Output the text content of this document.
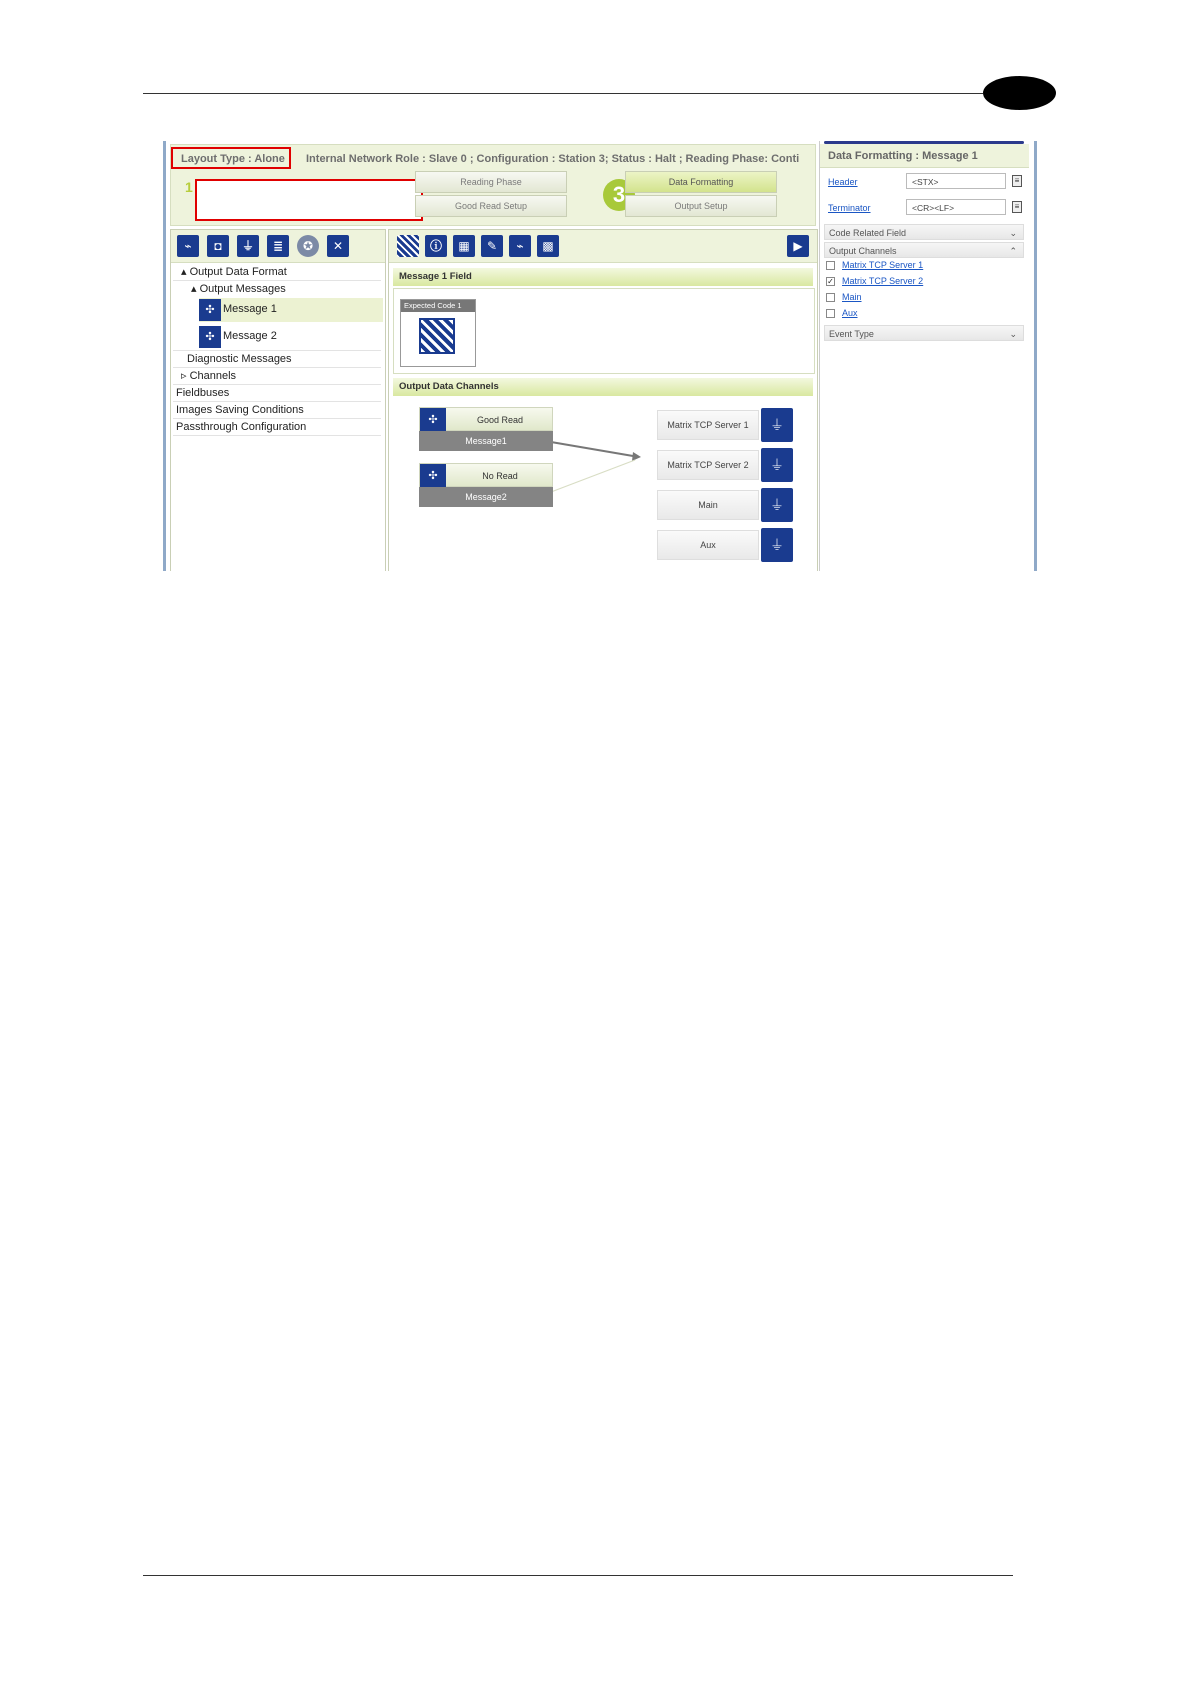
Layout Type : Alone Internal Network Role : Slave 0 ; Configuration : Station 3; Status : Halt ; Reading Phase: Conti
1	Reading Phase
Good Read Setup	3	Data Formatting
Output Setup
Data Formatting : Message 1
Header	<STX>	≡
Terminator	<CR><LF>	≡
Code Related Field	⌄
Output Channels	⌃
Matrix TCP Server 1
✓ Matrix TCP Server 2
Main
Aux
Event Type	⌄
⌁	◘	⏚	≣	✪	✕
▴ Output Data Format
▴ Output Messages
✣ Message 1
✣ Message 2
Diagnostic Messages
▹ Channels
Fieldbuses
Images Saving Conditions
Passthrough Configuration
ⓘ	▦	✎	⌁	▩	▶
Message 1 Field
Expected Code 1
Output Data Channels
✣	Good Read
Message1
✣	No Read
Message2
Matrix TCP Server 1	⏚
Matrix TCP Server 2	⏚
Main	⏚
Aux	⏚
